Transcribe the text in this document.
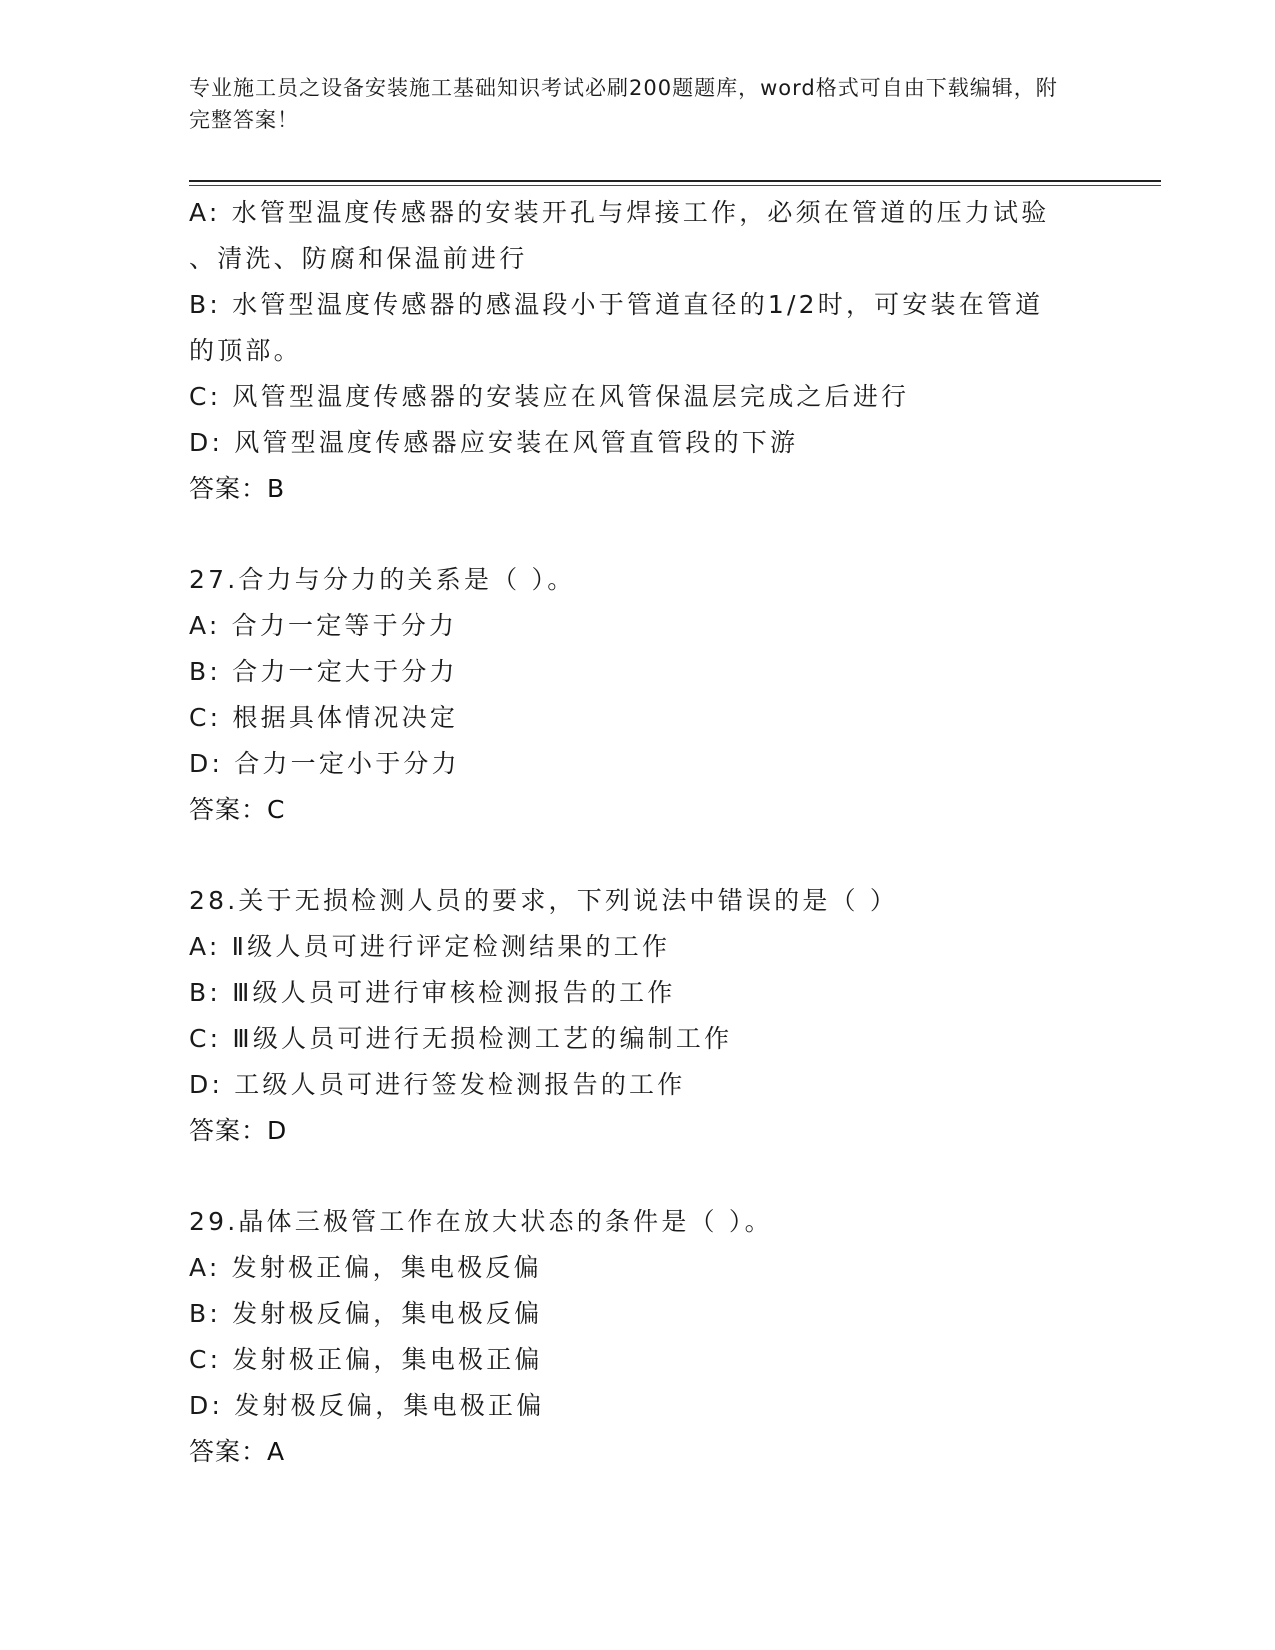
专业施工员之设备安装施工基础知识考试必刷200题题库，word格式可自由下载编辑，附完整答案！
A: 水管型温度传感器的安装开孔与焊接工作，必须在管道的压力试验
、清洗、防腐和保温前进行
B: 水管型温度传感器的感温段小于管道直径的1/2时，可安装在管道
的顶部。
C: 风管型温度传感器的安装应在风管保温层完成之后进行
D: 风管型温度传感器应安装在风管直管段的下游
答案：B
27.合力与分力的关系是（ ）。
A: 合力一定等于分力
B: 合力一定大于分力
C: 根据具体情况决定
D: 合力一定小于分力
答案：C
28.关于无损检测人员的要求，下列说法中错误的是（ ）
A: Ⅱ级人员可进行评定检测结果的工作
B: Ⅲ级人员可进行审核检测报告的工作
C: Ⅲ级人员可进行无损检测工艺的编制工作
D: 工级人员可进行签发检测报告的工作
答案：D
29.晶体三极管工作在放大状态的条件是（ ）。
A: 发射极正偏，集电极反偏
B: 发射极反偏，集电极反偏
C: 发射极正偏，集电极正偏
D: 发射极反偏，集电极正偏
答案：A
